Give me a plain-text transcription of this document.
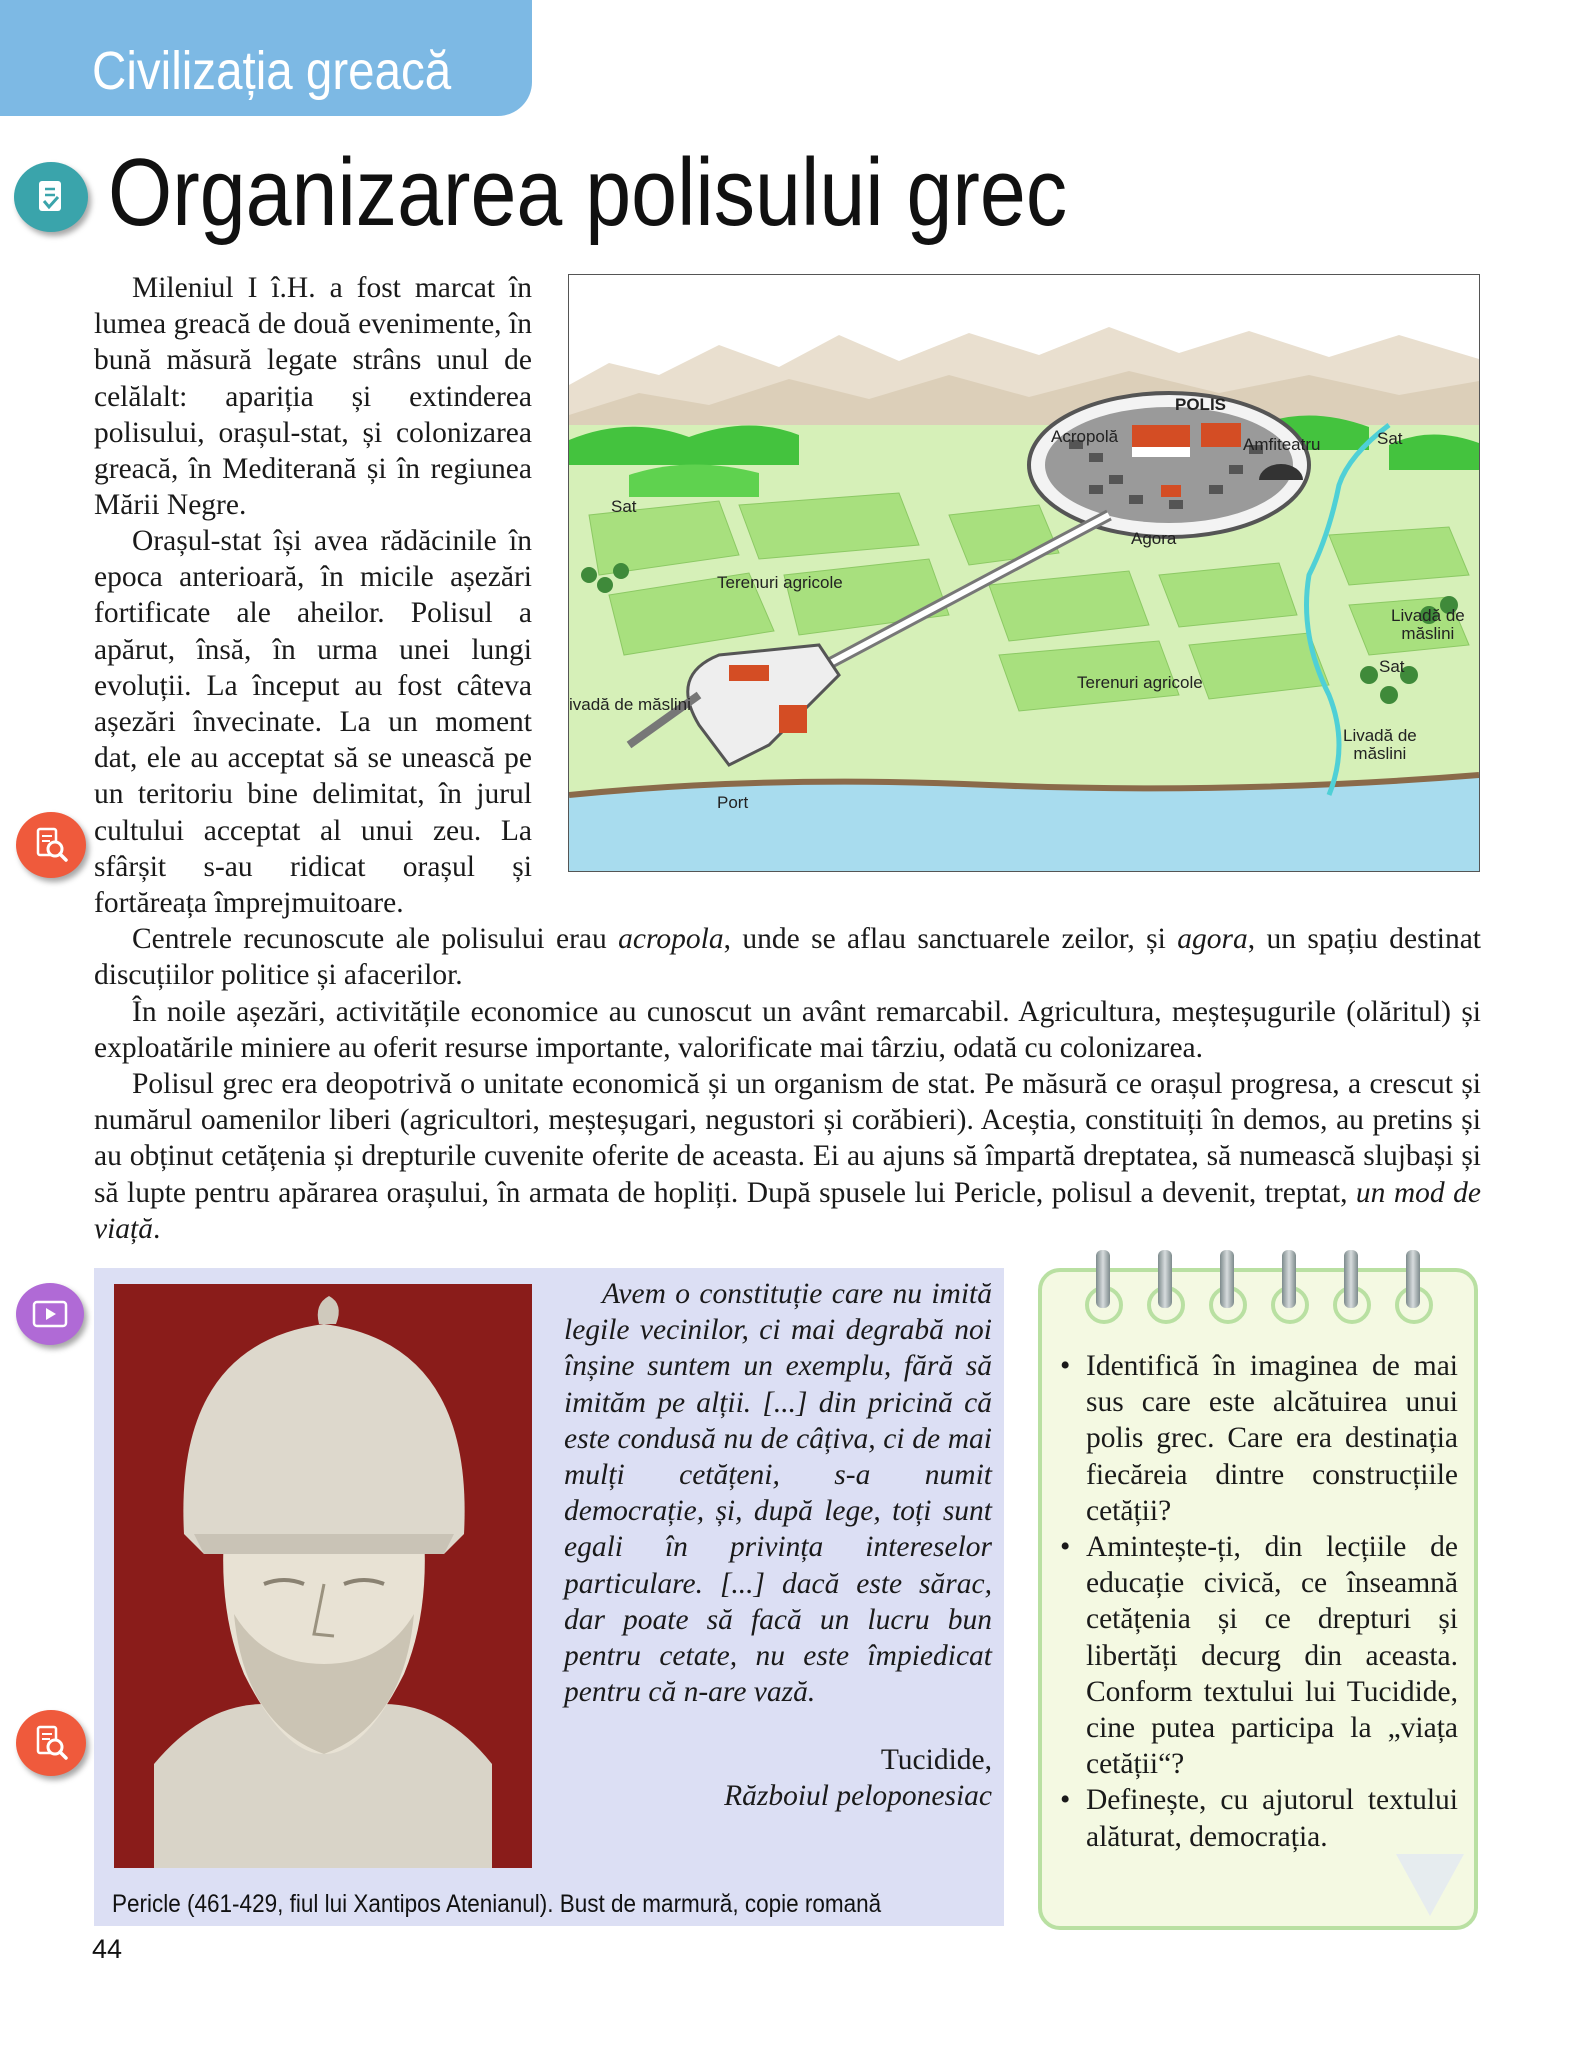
Civilizația greacă
Organizarea polisului grec

Mileniul I î.H. a fost marcat în lumea greacă de două evenimente, în bună măsură legate strâns unul de celălalt: apariția și extinderea polisului, orașul-stat, și colonizarea greacă, în Mediterană și în regiunea Mării Negre.

Orașul-stat își avea rădăcinile în epoca anterioară, în micile așezări fortificate ale aheilor. Polisul a apărut, însă, în urma unei lungi evoluții. La început au fost câteva așezări învecinate. La un moment dat, ele au acceptat să se unească pe un teritoriu bine delimitat, în jurul cultului acceptat al unui zeu. La sfârșit s-au ridicat orașul și fortăreața împrejmuitoare.

POLIS
Acropolă	Amfiteatru
Agora
Sat
Sat
Sat
Terenuri agricole
Terenuri agricole
ivadă de măslini
Livadă de
măslini
Livadă de
măslini
Port

Centrele recunoscute ale polisului erau acropola, unde se aflau sanctuarele zeilor, și agora, un spațiu destinat discuțiilor politice și afacerilor.

În noile așezări, activitățile economice au cunoscut un avânt remarcabil. Agricultura, meșteșugurile (olăritul) și exploatările miniere au oferit resurse importante, valorificate mai târziu, odată cu colonizarea.

Polisul grec era deopotrivă o unitate economică și un organism de stat. Pe măsură ce orașul progresa, a crescut și numărul oamenilor liberi (agricultori, meșteșugari, negustori și corăbieri). Aceștia, constituiți în demos, au pretins și au obținut cetățenia și drepturile cuvenite oferite de aceasta. Ei au ajuns să împartă dreptatea, să numească slujbași și să lupte pentru apărarea orașului, în armata de hopliți. După spusele lui Pericle, polisul a devenit, treptat, un mod de viață.

Avem o constituție care nu imită legile vecinilor, ci mai degrabă noi înșine suntem un exemplu, fără să imităm pe alții. [...] din pricină că este condusă nu de câțiva, ci de mai mulți cetățeni, s-a numit democrație, și, după lege, toți sunt egali în privința intereselor particulare. [...] dacă este sărac, dar poate să facă un lucru bun pentru cetate, nu este împiedicat pentru că n-are vază.
Tucidide,
Războiul peloponesiac
Pericle (461-429, fiul lui Xantipos Atenianul). Bust de marmură, copie romană
• Identifică în imaginea de mai sus care este alcătuirea unui polis grec. Care era destinația fiecăreia dintre construcțiile cetății?
• Amintește-ți, din lecțiile de educație civică, ce înseamnă cetățenia și ce drepturi și libertăți decurg din aceasta. Conform textului lui Tucidide, cine putea participa la „viața cetății“?
• Definește, cu ajutorul textului alăturat, democrația.
44
